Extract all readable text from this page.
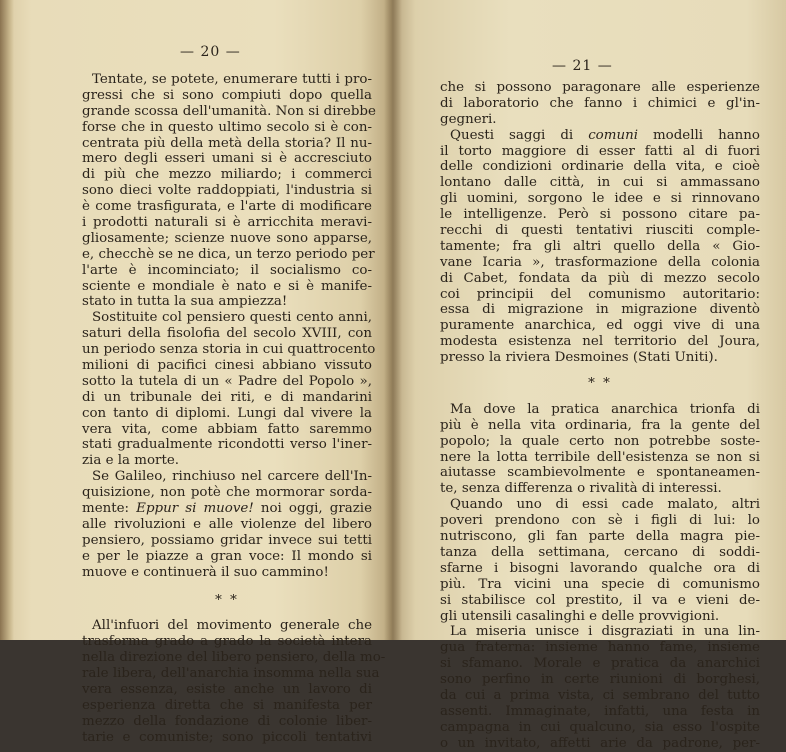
— 20 —
Tentate, se potete, enumerare tutti i pro-
gressi che si sono compiuti dopo quella
grande scossa dell'umanità. Non si direbbe
forse che in questo ultimo secolo si è con-
centrata più della metà della storia? Il nu-
mero degli esseri umani si è accresciuto
di più che mezzo miliardo; i commerci
sono dieci volte raddoppiati, l'industria si
è come trasfigurata, e l'arte di modificare
i prodotti naturali si è arricchita meravi-
gliosamente; scienze nuove sono apparse,
e, checchè se ne dica, un terzo periodo per
l'arte è incominciato; il socialismo co-
sciente e mondiale è nato e si è manife-
stato in tutta la sua ampiezza!
Sostituite col pensiero questi cento anni,
saturi della fisolofia del secolo XVIII, con
un periodo senza storia in cui quattrocento
milioni di pacifici cinesi abbiano vissuto
sotto la tutela di un « Padre del Popolo »,
di un tribunale dei riti, e di mandarini
con tanto di diplomi. Lungi dal vivere la
vera vita, come abbiam fatto saremmo
stati gradualmente ricondotti verso l'iner-
zia e la morte.
Se Galileo, rinchiuso nel carcere dell'In-
quisizione, non potè che mormorar sorda-
mente: Eppur si muove! noi oggi, grazie
alle rivoluzioni e alle violenze del libero
pensiero, possiamo gridar invece sui tetti
e per le piazze a gran voce: Il mondo si
muove e continuerà il suo cammino!
* *
All'infuori del movimento generale che
trasforma grado a grado la società intera
nella direzione del libero pensiero, della mo-
rale libera, dell'anarchia insomma nella sua
vera essenza, esiste anche un lavoro di
esperienza diretta che si manifesta per
mezzo della fondazione di colonie liber-
tarie e comuniste; sono piccoli tentativi
— 21 —
che si possono paragonare alle esperienze
di laboratorio che fanno i chimici e gl'in-
gegneri.
Questi saggi di comuni modelli hanno
il torto maggiore di esser fatti al di fuori
delle condizioni ordinarie della vita, e cioè
lontano dalle città, in cui si ammassano
gli uomini, sorgono le idee e si rinnovano
le intelligenze. Però si possono citare pa-
recchi di questi tentativi riusciti comple-
tamente; fra gli altri quello della « Gio-
vane Icaria », trasformazione della colonia
di Cabet, fondata da più di mezzo secolo
coi principii del comunismo autoritario:
essa di migrazione in migrazione diventò
puramente anarchica, ed oggi vive di una
modesta esistenza nel territorio del Joura,
presso la riviera Desmoines (Stati Uniti).
* *
Ma dove la pratica anarchica trionfa di
più è nella vita ordinaria, fra la gente del
popolo; la quale certo non potrebbe soste-
nere la lotta terribile dell'esistenza se non si
aiutasse scambievolmente e spontaneamen-
te, senza differenza o rivalità di interessi.
Quando uno di essi cade malato, altri
poveri prendono con sè i figli di lui: lo
nutriscono, gli fan parte della magra pie-
tanza della settimana, cercano di soddi-
sfarne i bisogni lavorando qualche ora di
più. Tra vicini una specie di comunismo
si stabilisce col prestito, il va e vieni de-
gli utensili casalinghi e delle provvigioni.
La miseria unisce i disgraziati in una lin-
gua fraterna: insieme hanno fame, insieme
si sfamano. Morale e pratica da anarchici
sono perfino in certe riunioni di borghesi,
da cui a prima vista, ci sembrano del tutto
assenti. Immaginate, infatti, una festa in
campagna in cui qualcuno, sia esso l'ospite
o un invitato, affetti arie da padrone, per-
